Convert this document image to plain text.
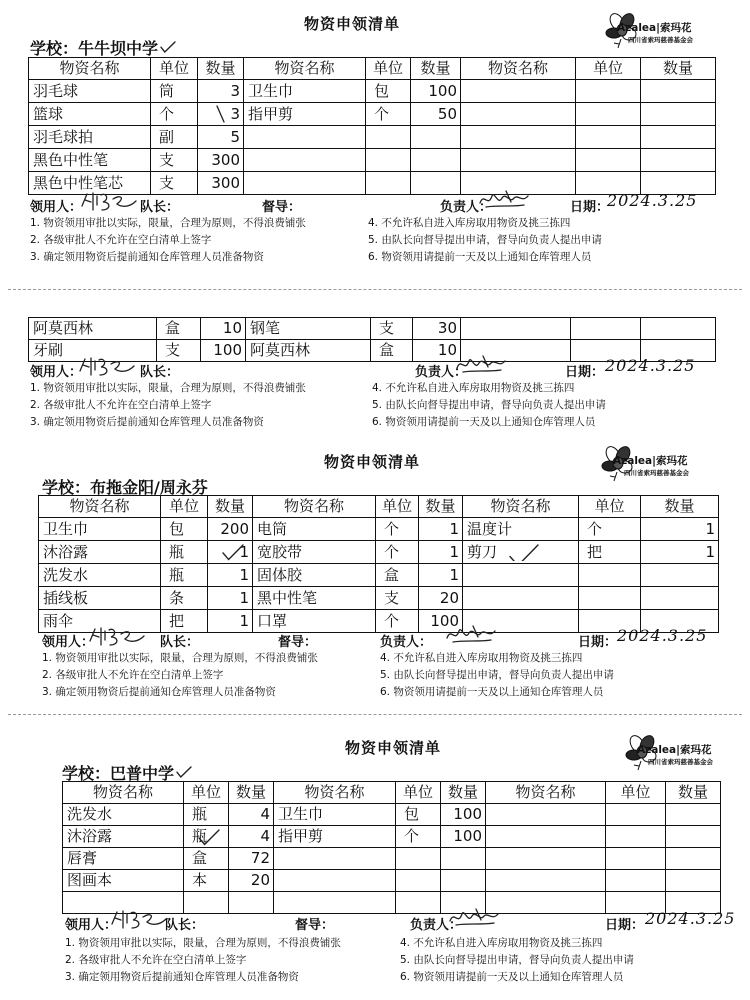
物资申领清单	Azalea|索玛花
四川省索玛慈善基金会
学校：牛牛坝中学
物资名称	单位	数量	物资名称	单位	数量	物资名称	单位	数量
羽毛球	筒	3	卫生巾	包	100			
篮球	个	3	指甲剪	个	50			
羽毛球拍	副	5						
黑色中性笔	支	300						
黑色中性笔芯	支	300						
领用人：	队长：	督导：	负责人：	日期：
2024.3.25
1. 物资领用审批以实际，限量，合理为原则，不得浪费铺张
2. 各级审批人不允许在空白清单上签字
3. 确定领用物资后提前通知仓库管理人员准备物资
4. 不允许私自进入库房取用物资及挑三拣四
5. 由队长向督导提出申请，督导向负责人提出申请
6. 物资领用请提前一天及以上通知仓库管理人员
阿莫西林	盒	10	钢笔	支	30			
牙刷	支	100	阿莫西林	盒	10			
领用人：	队长：	负责人：	日期： 2024.3.25
1. 物资领用审批以实际，限量，合理为原则，不得浪费铺张
2. 各级审批人不允许在空白清单上签字
3. 确定领用物资后提前通知仓库管理人员准备物资
4. 不允许私自进入库房取用物资及挑三拣四
5. 由队长向督导提出申请，督导向负责人提出申请
6. 物资领用请提前一天及以上通知仓库管理人员
物资申领清单	Azalea|索玛花
四川省索玛慈善基金会
学校：布拖金阳/周永芬
物资名称	单位	数量	物资名称	单位	数量	物资名称	单位	数量
卫生巾	包	200	电筒	个	1	温度计	个	1
沐浴露	瓶	1	宽胶带	个	1	剪刀	把	1
洗发水	瓶	1	固体胶	盒	1			
插线板	条	1	黑中性笔	支	20			
雨伞	把	1	口罩	个	100			
领用人：	队长：	督导：	负责人：	日期： 2024.3.25
1. 物资领用审批以实际，限量，合理为原则，不得浪费铺张
2. 各级审批人不允许在空白清单上签字
3. 确定领用物资后提前通知仓库管理人员准备物资
4. 不允许私自进入库房取用物资及挑三拣四
5. 由队长向督导提出申请，督导向负责人提出申请
6. 物资领用请提前一天及以上通知仓库管理人员
物资申领清单	Azalea|索玛花
四川省索玛慈善基金会
学校：巴普中学
物资名称	单位	数量	物资名称	单位	数量	物资名称	单位	数量
洗发水	瓶	4	卫生巾	包	100			
沐浴露	瓶	4	指甲剪	个	100			
唇膏	盒	72						
图画本	本	20						

领用人：	队长：	督导：	负责人：	日期： 2024.3.25
1. 物资领用审批以实际，限量，合理为原则，不得浪费铺张
2. 各级审批人不允许在空白清单上签字
3. 确定领用物资后提前通知仓库管理人员准备物资
4. 不允许私自进入库房取用物资及挑三拣四
5. 由队长向督导提出申请，督导向负责人提出申请
6. 物资领用请提前一天及以上通知仓库管理人员
